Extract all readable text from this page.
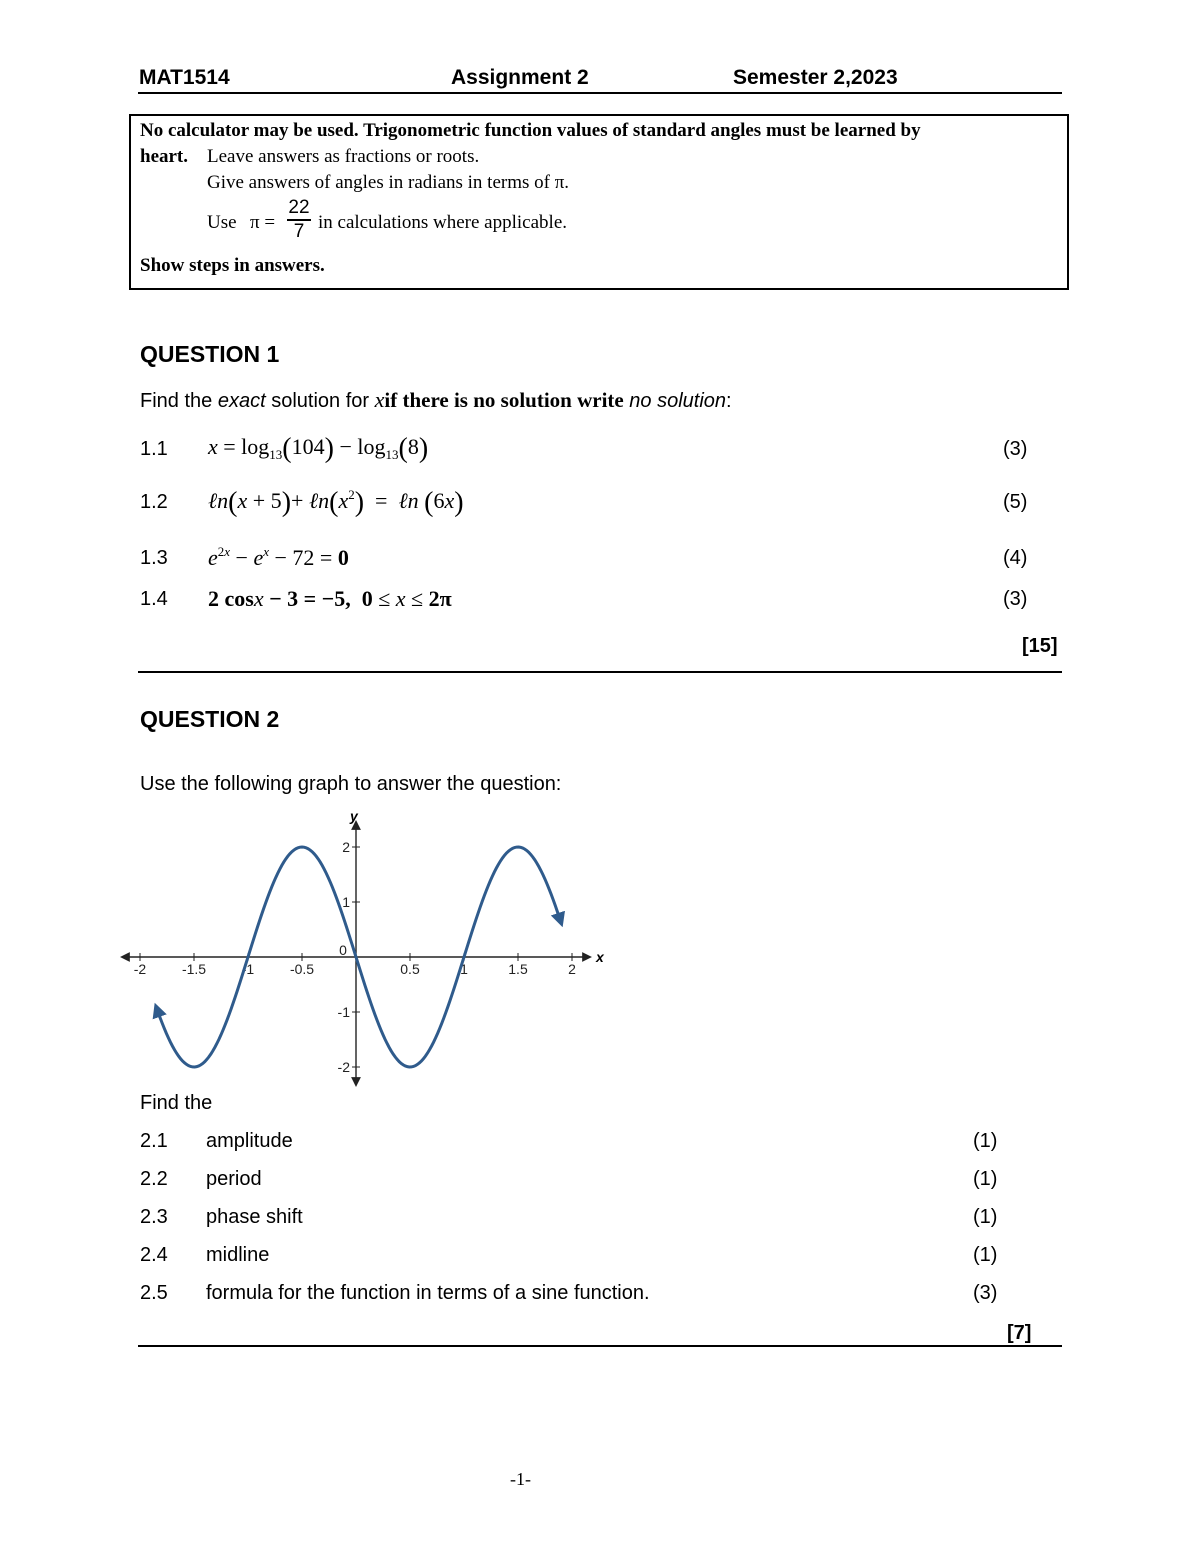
MAT1514	Assignment 2	Semester 2,2023
No calculator may be used. Trigonometric function values of standard angles must be learned by
heart. Leave answers as fractions or roots.
Give answers of angles in radians in terms of π.
Use π =
22
7 in calculations where applicable.
Show steps in answers.
QUESTION 1
Find the exact solution for xif there is no solution write no solution:
1.1 $x = \log_{13}(104) - \log_{13}(8)$	(3)
1.2 ℓn(x + $5)+ \ell n(x^2)$  =  ℓn (6x)	(5)
1.3 $e^{2x} - e^x - 72 = 0$	(4)
1.4 2 cosx − 3 = −5, 0 ≤ x ≤ 2π	(3)
[15]
QUESTION 2
Use the following graph to answer the question:
x
y
-2	-1.5	-1	-0.5
0
0.5	1	1.5	2
2
1
-1
-2
Find the
2.1 amplitude	(1)
2.2 period	(1)
2.3 phase shift	(1)
2.4 midline	(1)
2.5 formula for the function in terms of a sine function.	(3)
[7]
-1-
